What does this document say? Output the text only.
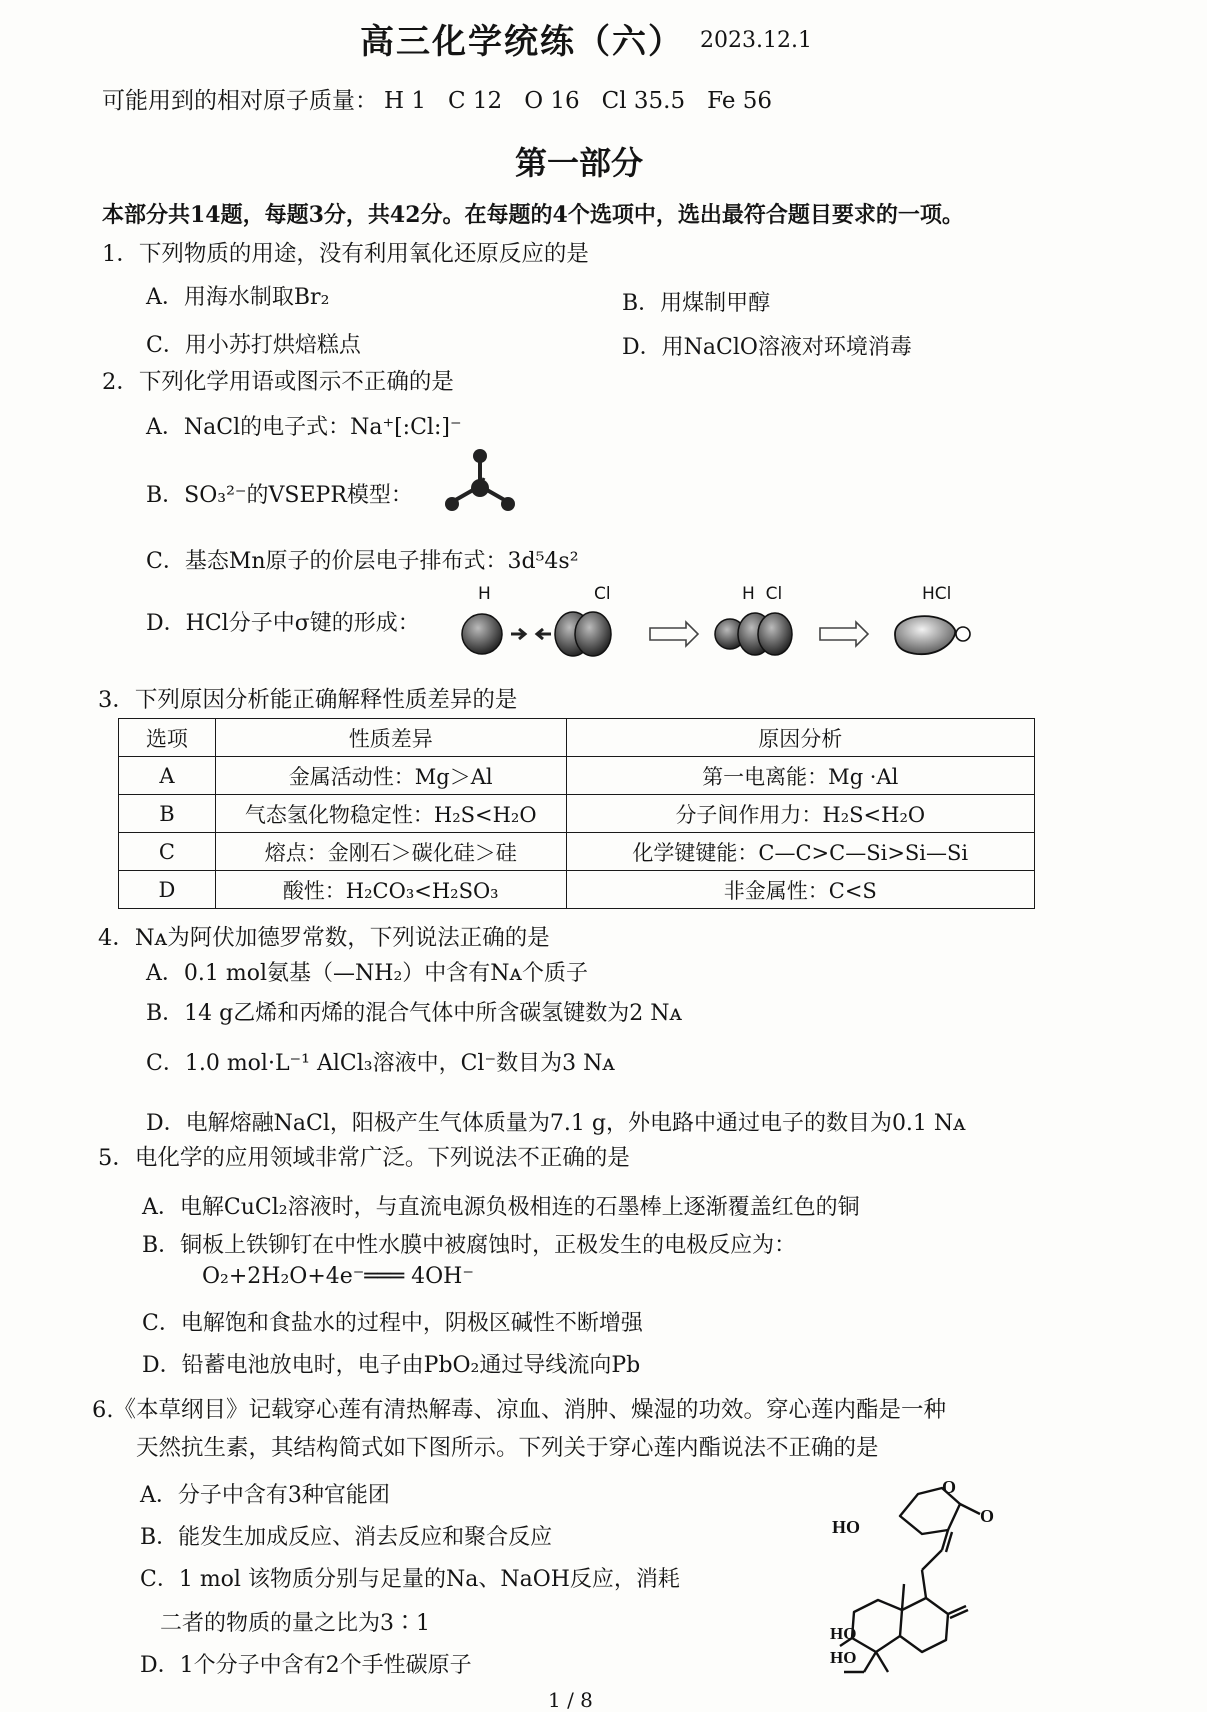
高三化学统练（六） 2023.12.1
可能用到的相对原子质量： H 1 C 12 O 16 Cl 35.5 Fe 56
第一部分
本部分共14题，每题3分，共42分。在每题的4个选项中，选出最符合题目要求的一项。
1．下列物质的用途，没有利用氧化还原反应的是
A．用海水制取Br₂	B．用煤制甲醇
C．用小苏打烘焙糕点	D．用NaClO溶液对环境消毒
2．下列化学用语或图示不正确的是
A．NaCl的电子式：Na⁺[:Cl:]⁻
B．SO₃²⁻的VSEPR模型：
C．基态Mn原子的价层电子排布式：3d⁵4s²
D．HCl分子中σ键的形成：
H	Cl	H  Cl	HCl
3．下列原因分析能正确解释性质差异的是
选项	性质差异	原因分析
A	金属活动性：Mg＞Al	第一电离能：Mg ·Al
B	气态氢化物稳定性：H₂S<H₂O	分子间作用力：H₂S<H₂O
C	熔点：金刚石＞碳化硅＞硅	化学键键能：C—C>C—Si>Si—Si
D	酸性：H₂CO₃<H₂SO₃	非金属性：C<S
4．Nᴀ为阿伏加德罗常数，下列说法正确的是
A．0.1 mol氨基（—NH₂）中含有Nᴀ个质子
B．14 g乙烯和丙烯的混合气体中所含碳氢键数为2 Nᴀ
C．1.0 mol·L⁻¹ AlCl₃溶液中，Cl⁻数目为3 Nᴀ
D．电解熔融NaCl，阳极产生气体质量为7.1 g，外电路中通过电子的数目为0.1 Nᴀ
5．电化学的应用领域非常广泛。下列说法不正确的是
A．电解CuCl₂溶液时，与直流电源负极相连的石墨棒上逐渐覆盖红色的铜
B．铜板上铁铆钉在中性水膜中被腐蚀时，正极发生的电极反应为：
O₂+2H₂O+4e⁻═══ 4OH⁻
C．电解饱和食盐水的过程中，阴极区碱性不断增强
D．铅蓄电池放电时，电子由PbO₂通过导线流向Pb
6.《本草纲目》记载穿心莲有清热解毒、凉血、消肿、燥湿的功效。穿心莲内酯是一种
天然抗生素，其结构简式如下图所示。下列关于穿心莲内酯说法不正确的是
A．分子中含有3种官能团
B．能发生加成反应、消去反应和聚合反应
C．1 mol 该物质分别与足量的Na、NaOH反应，消耗
二者的物质的量之比为3∶1
D．1个分子中含有2个手性碳原子
HO
O
O
HO
HO
1 / 8
